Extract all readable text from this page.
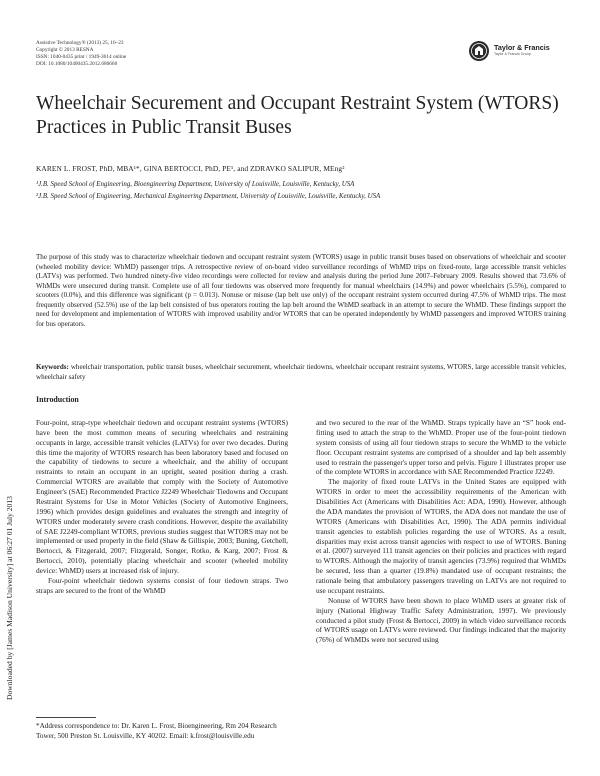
Assistive Technology® (2013) 25, 16–23
Copyright © 2013 RESNA
ISSN: 1040-0435 print / 1949-3614 online
DOI: 10.1080/10400435.2012.680660
Taylor & Francis
Taylor & Francis Group
Wheelchair Securement and Occupant Restraint System (WTORS) Practices in Public Transit Buses
KAREN L. FROST, PhD, MBA¹*, GINA BERTOCCI, PhD, PE¹, and ZDRAVKO SALIPUR, MEng²
¹J.B. Speed School of Engineering, Bioengineering Department, University of Louisville, Louisville, Kentucky, USA
²J.B. Speed School of Engineering, Mechanical Engineering Department, University of Louisville, Louisville, Kentucky, USA
Downloaded by [James Madison University] at 06:27 01 July 2013
The purpose of this study was to characterize wheelchair tiedown and occupant restraint system (WTORS) usage in public transit buses based on observations of wheelchair and scooter (wheeled mobility device: WhMD) passenger trips. A retrospective review of on-board video surveillance recordings of WhMD trips on fixed-route, large accessible transit vehicles (LATVs) was performed. Two hundred ninety-five video recordings were collected for review and analysis during the period June 2007–February 2009. Results showed that 73.6% of WhMDs were unsecured during transit. Complete use of all four tiedowns was observed more frequently for manual wheelchairs (14.9%) and power wheelchairs (5.5%), compared to scooters (0.0%), and this difference was significant (p = 0.013). Nonuse or misuse (lap belt use only) of the occupant restraint system occurred during 47.5% of WhMD trips. The most frequently observed (52.5%) use of the lap belt consisted of bus operators routing the lap belt around the WhMD seatback in an attempt to secure the WhMD. These findings support the need for development and implementation of WTORS with improved usability and/or WTORS that can be operated independently by WhMD passengers and improved WTORS training for bus operators.
Keywords: wheelchair transportation, public transit buses, wheelchair securement, wheelchair tiedowns, wheelchair occupant restraint systems, WTORS, large accessible transit vehicles, wheelchair safety

Introduction

Four-point, strap-type wheelchair tiedown and occupant restraint systems (WTORS) have been the most common means of securing wheelchairs and restraining occupants in large, accessible transit vehicles (LATVs) for over two decades. During this time the majority of WTORS research has been laboratory based and focused on the capability of tiedowns to secure a wheelchair, and the ability of occupant restraints to retain an occupant in an upright, seated position during a crash. Commercial WTORS are available that comply with the Society of Automotive Engineer's (SAE) Recommended Practice J2249 Wheelchair Tiedowns and Occupant Restraint Systems for Use in Motor Vehicles (Society of Automotive Engineers, 1996) which provides design guidelines and evaluates the strength and integrity of WTORS under moderately severe crash conditions. However, despite the availability of SAE J2249-compliant WTORS, previous studies suggest that WTORS may not be implemented or used properly in the field (Shaw & Gillispie, 2003; Buning, Getchell, Bertocci, & Fitzgerald, 2007; Fitzgerald, Songer, Rotko, & Karg, 2007; Frost & Bertocci, 2010), potentially placing wheelchair and scooter (wheeled mobility device: WhMD) users at increased risk of injury.

Four-point wheelchair tiedown systems consist of four tiedown straps. Two straps are secured to the front of the WhMD

and two secured to the rear of the WhMD. Straps typically have an “S” hook end-fitting used to attach the strap to the WhMD. Proper use of the four-point tiedown system consists of using all four tiedown straps to secure the WhMD to the vehicle floor. Occupant restraint systems are comprised of a shoulder and lap belt assembly used to restrain the passenger's upper torso and pelvis. Figure 1 illustrates proper use of the complete WTORS in accordance with SAE Recommended Practice J2249.

The majority of fixed route LATVs in the United States are equipped with WTORS in order to meet the accessibility requirements of the American with Disabilities Act (Americans with Disabilities Act: ADA, 1990). However, although the ADA mandates the provision of WTORS, the ADA does not mandate the use of WTORS (Americans with Disabilities Act, 1990). The ADA permits individual transit agencies to establish policies regarding the use of WTORS. As a result, disparities may exist across transit agencies with respect to use of WTORS. Buning et al. (2007) surveyed 111 transit agencies on their policies and practices with regard to WTORS. Although the majority of transit agencies (73.9%) required that WhMDs be secured, less than a quarter (19.8%) mandated use of occupant restraints; the rationale being that ambulatory passengers traveling on LATVs are not required to use occupant restraints.

Nonuse of WTORS have been shown to place WhMD users at greater risk of injury (National Highway Traffic Safety Administration, 1997). We previously conducted a pilot study (Frost & Bertocci, 2009) in which video surveillance records of WTORS usage on LATVs were reviewed. Our findings indicated that the majority (76%) of WhMDs were not secured using

*Address correspondence to: Dr. Karen L. Frost, Bioengineering, Rm 204 Research Tower, 500 Preston St. Louisville, KY 40202. Email: k.frost@louisville.edu
